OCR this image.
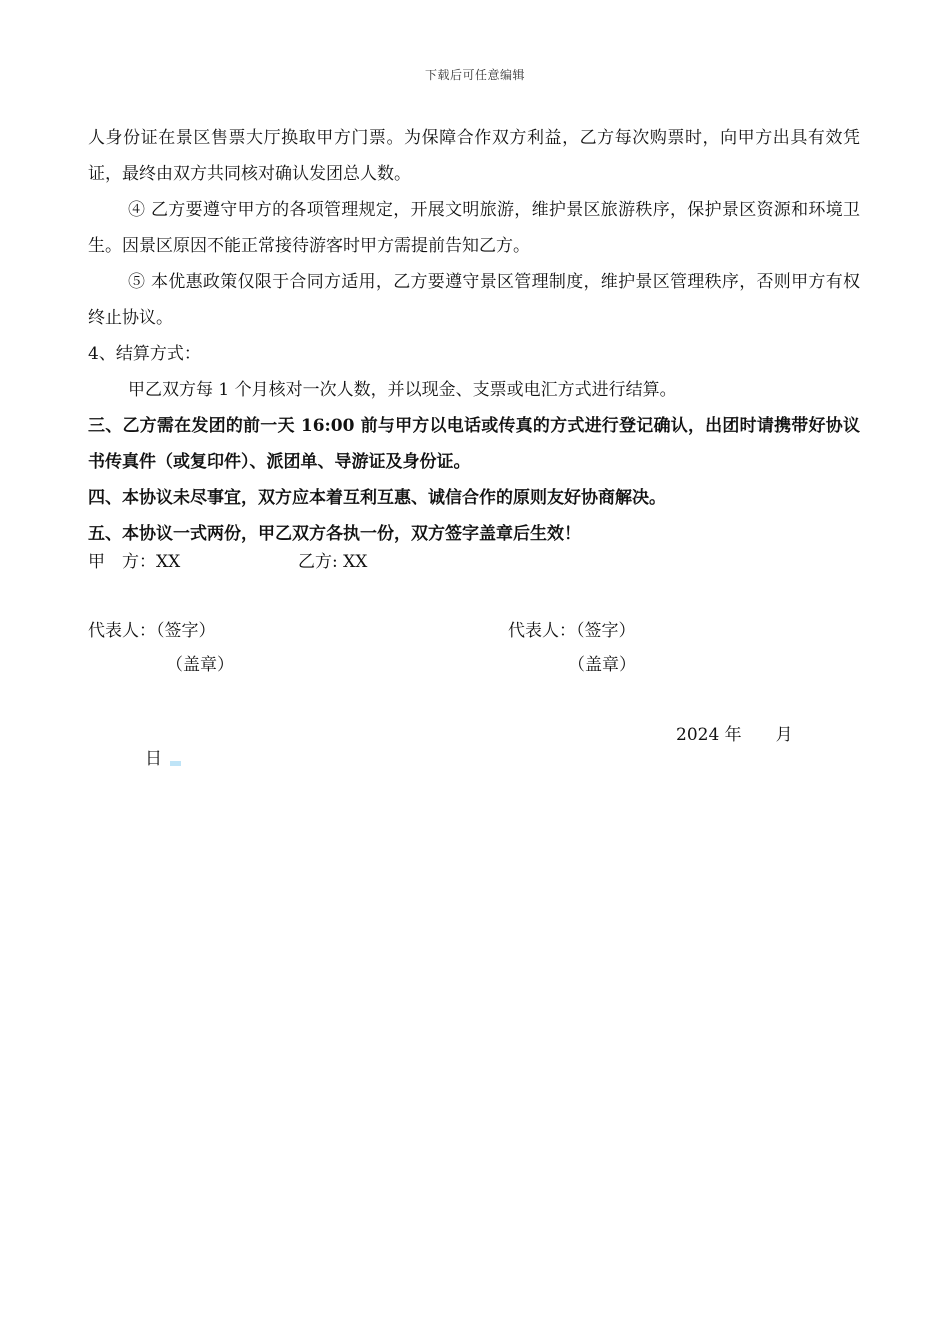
下载后可任意编辑

人身份证在景区售票大厅换取甲方门票。为保障合作双方利益，乙方每次购票时，向甲方出具有效凭证，最终由双方共同核对确认发团总人数。

④ 乙方要遵守甲方的各项管理规定，开展文明旅游，维护景区旅游秩序，保护景区资源和环境卫生。因景区原因不能正常接待游客时甲方需提前告知乙方。

⑤ 本优惠政策仅限于合同方适用，乙方要遵守景区管理制度，维护景区管理秩序，否则甲方有权终止协议。

4、结算方式：

甲乙双方每 1 个月核对一次人数，并以现金、支票或电汇方式进行结算。

三、乙方需在发团的前一天 16:00 前与甲方以电话或传真的方式进行登记确认，出团时请携带好协议书传真件（或复印件）、派团单、导游证及身份证。

四、本协议未尽事宜，双方应本着互利互惠、诚信合作的原则友好协商解决。

五、本协议一式两份，甲乙双方各执一份，双方签字盖章后生效！

甲　方：XX	乙方: XX
代表人：（签字）
（盖章）
代表人：（签字）
（盖章）
2024 年　　月
日
